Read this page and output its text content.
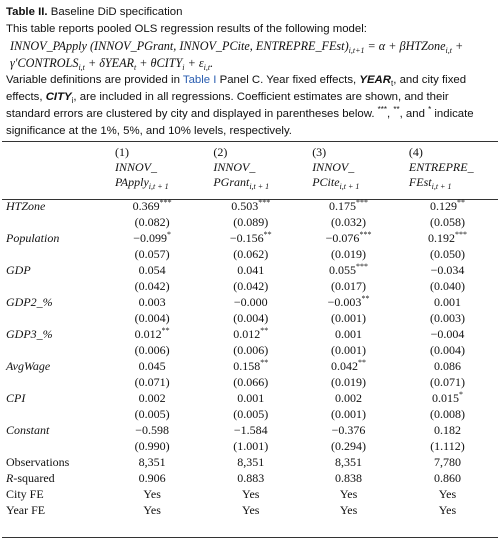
Table II. Baseline DiD specification
This table reports pooled OLS regression results of the following model:
INNOV_PApply (INNOV_PGrant, INNOV_PCite, $ENTREPRE\_FEst)_{i,t+1} = \alpha$ + βHTZone$_{i,t}$ +
$\gamma'CONTROLS_{i,t}$ + δYEAR$_t$ + θCITY$_i$ + $\varepsilon_{i,t}$.
Variable definitions are provided in Table I Panel C. Year fixed effects, $YEAR_t$, and city fixed effects, $CITY_i$, are included in all regressions. Coefficient estimates are shown, and their standard errors are clustered by city and displayed in parentheses below. ***, **, and * indicate significance at the 1%, 5%, and 10% levels, respectively.
	(1)	(2)	(3)	(4)
	INNOV_	INNOV_	INNOV_	ENTREPRE_
	PApply$_{i,t + 1}$	PGrant$_{i,t + 1}$	PCite$_{i,t + 1}$	FEst$_{i,t + 1}$

HTZone	0.369***	0.503***	0.175***	0.129**
	(0.082)	(0.089)	(0.032)	(0.058)
Population	−0.099*	−0.156**	−0.076***	0.192***
	(0.057)	(0.062)	(0.019)	(0.050)
GDP	0.054	0.041	0.055***	−0.034
	(0.042)	(0.042)	(0.017)	(0.040)
GDP2_%	0.003	−0.000	−0.003**	0.001
	(0.004)	(0.004)	(0.001)	(0.003)
GDP3_%	0.012**	0.012**	0.001	−0.004
	(0.006)	(0.006)	(0.001)	(0.004)
AvgWage	0.045	0.158**	0.042**	0.086
	(0.071)	(0.066)	(0.019)	(0.071)
CPI	0.002	0.001	0.002	0.015*
	(0.005)	(0.005)	(0.001)	(0.008)
Constant	−0.598	−1.584	−0.376	0.182
	(0.990)	(1.001)	(0.294)	(1.112)
Observations	8,351	8,351	8,351	7,780
R-squared	0.906	0.883	0.838	0.860
City FE	Yes	Yes	Yes	Yes
Year FE	Yes	Yes	Yes	Yes
